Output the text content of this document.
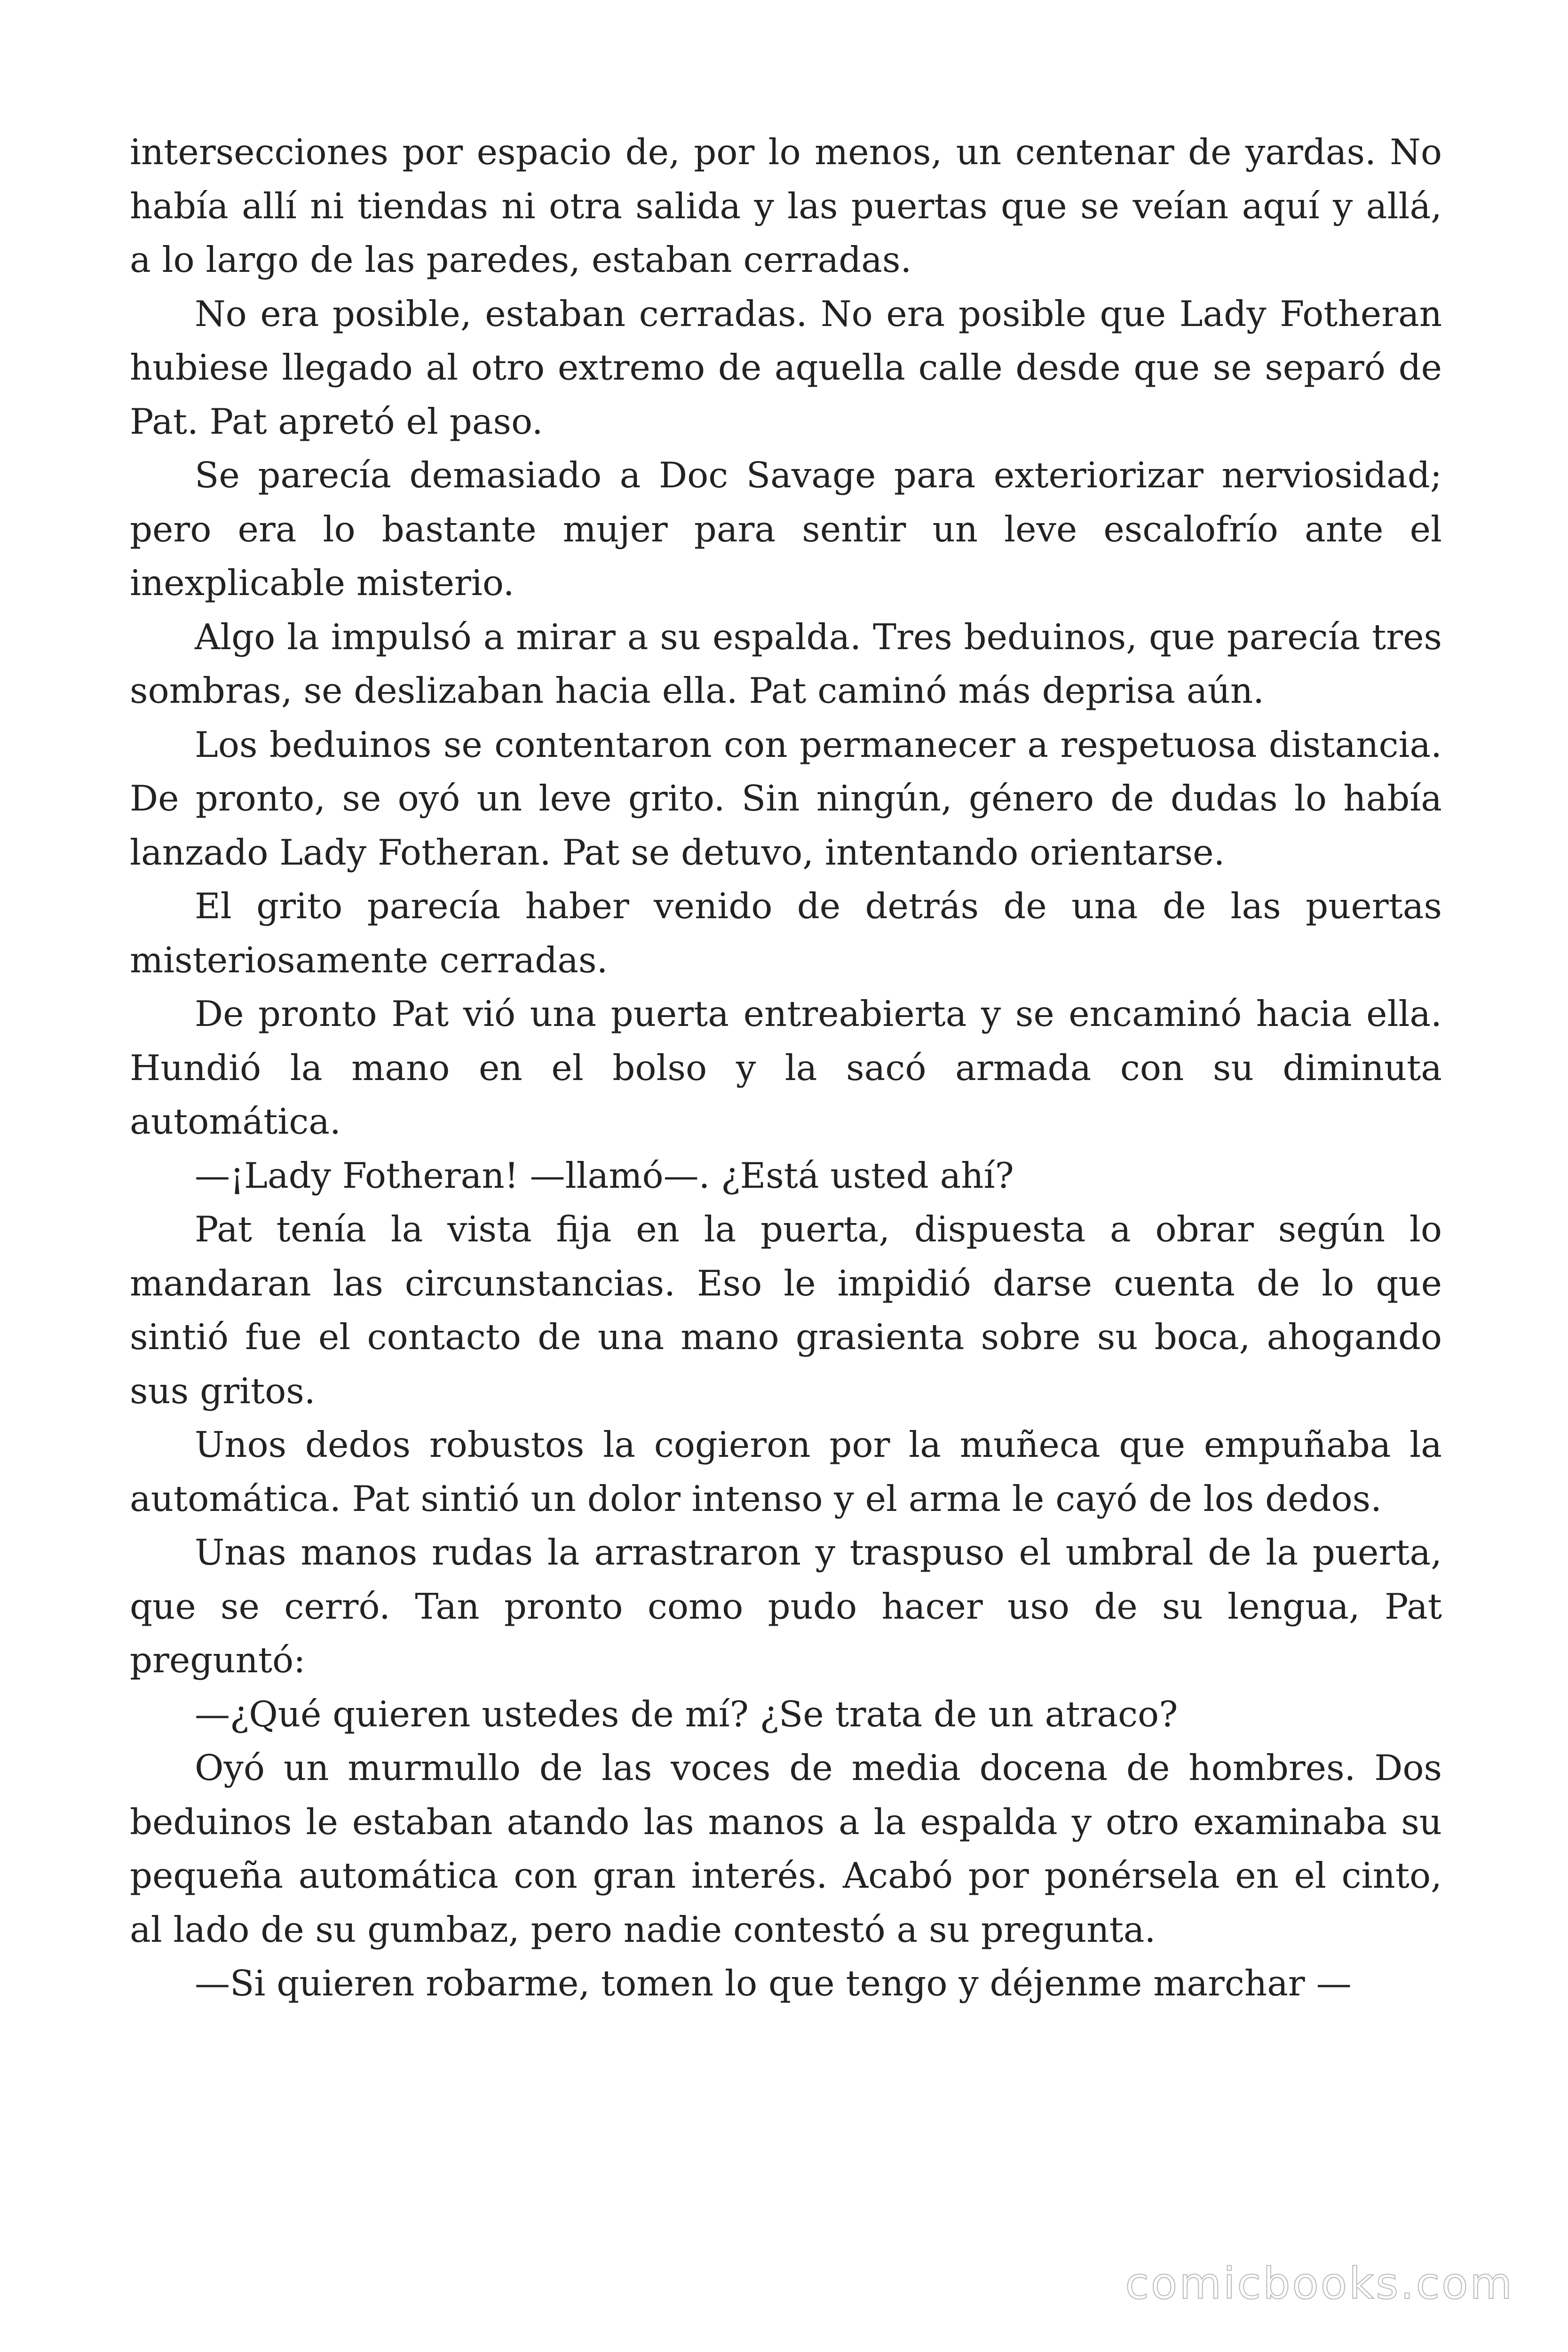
intersecciones por espacio de, por lo menos, un centenar de yardas. No había allí ni tiendas ni otra salida y las puertas que se veían aquí y allá, a lo largo de las paredes, estaban cerradas.

No era posible, estaban cerradas. No era posible que Lady Fotheran hubiese llegado al otro extremo de aquella calle desde que se separó de Pat. Pat apretó el paso.

Se parecía demasiado a Doc Savage para exteriorizar nerviosidad; pero era lo bastante mujer para sentir un leve escalofrío ante el inexplicable misterio.

Algo la impulsó a mirar a su espalda. Tres beduinos, que parecía tres sombras, se deslizaban hacia ella. Pat caminó más deprisa aún.

Los beduinos se contentaron con permanecer a respetuosa distancia. De pronto, se oyó un leve grito. Sin ningún, género de dudas lo había lanzado Lady Fotheran. Pat se detuvo, intentando orientarse.

El grito parecía haber venido de detrás de una de las puertas misteriosamente cerradas.

De pronto Pat vió una puerta entreabierta y se encaminó hacia ella. Hundió la mano en el bolso y la sacó armada con su diminuta automática.

—¡Lady Fotheran! —llamó—. ¿Está usted ahí?

Pat tenía la vista fija en la puerta, dispuesta a obrar según lo mandaran las circunstancias. Eso le impidió darse cuenta de lo que sintió fue el contacto de una mano grasienta sobre su boca, ahogando sus gritos.

Unos dedos robustos la cogieron por la muñeca que empuñaba la automática. Pat sintió un dolor intenso y el arma le cayó de los dedos.

Unas manos rudas la arrastraron y traspuso el umbral de la puerta, que se cerró. Tan pronto como pudo hacer uso de su lengua, Pat preguntó:

—¿Qué quieren ustedes de mí? ¿Se trata de un atraco?

Oyó un murmullo de las voces de media docena de hombres. Dos beduinos le estaban atando las manos a la espalda y otro examinaba su pequeña automática con gran interés. Acabó por ponérsela en el cinto, al lado de su gumbaz, pero nadie contestó a su pregunta.

—Si quieren robarme, tomen lo que tengo y déjenme marchar —

comicbooks.com
